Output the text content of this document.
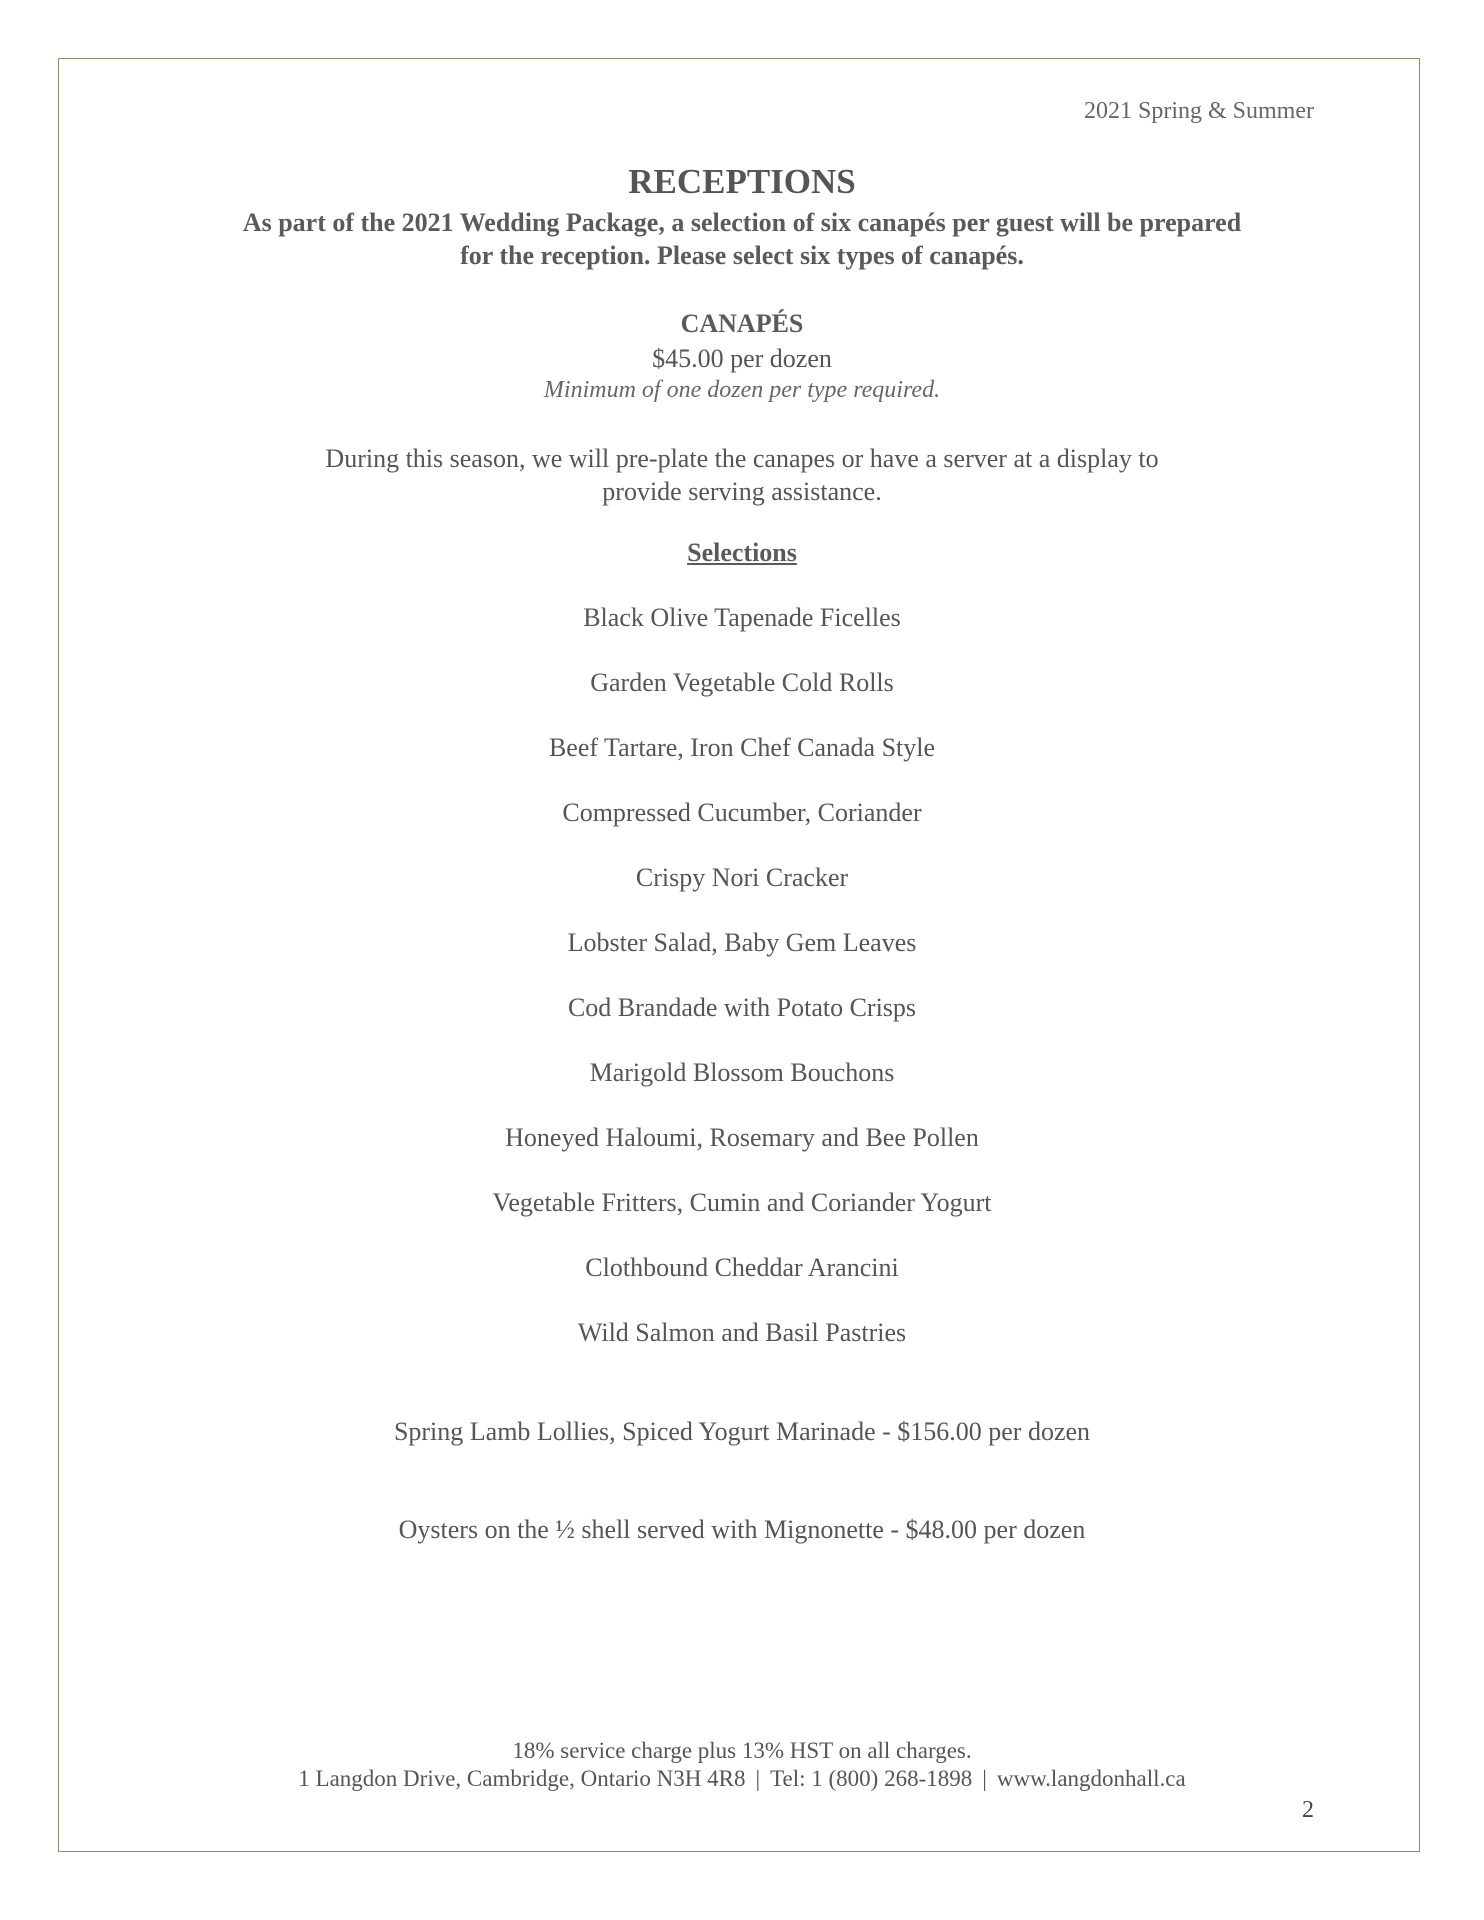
2021 Spring & Summer

RECEPTIONS

As part of the 2021 Wedding Package, a selection of six canapés per guest will be prepared
for the reception. Please select six types of canapés.

CANAPÉS

$45.00 per dozen

Minimum of one dozen per type required.

During this season, we will pre-plate the canapes or have a server at a display to
provide serving assistance.

Selections
Black Olive Tapenade Ficelles
Garden Vegetable Cold Rolls
Beef Tartare, Iron Chef Canada Style
Compressed Cucumber, Coriander
Crispy Nori Cracker
Lobster Salad, Baby Gem Leaves
Cod Brandade with Potato Crisps
Marigold Blossom Bouchons
Honeyed Haloumi, Rosemary and Bee Pollen
Vegetable Fritters, Cumin and Coriander Yogurt
Clothbound Cheddar Arancini
Wild Salmon and Basil Pastries

Spring Lamb Lollies, Spiced Yogurt Marinade - $156.00 per dozen

Oysters on the ½ shell served with Mignonette - $48.00 per dozen

18% service charge plus 13% HST on all charges.

1 Langdon Drive, Cambridge, Ontario N3H 4R8 | Tel: 1 (800) 268-1898 | www.langdonhall.ca

2
